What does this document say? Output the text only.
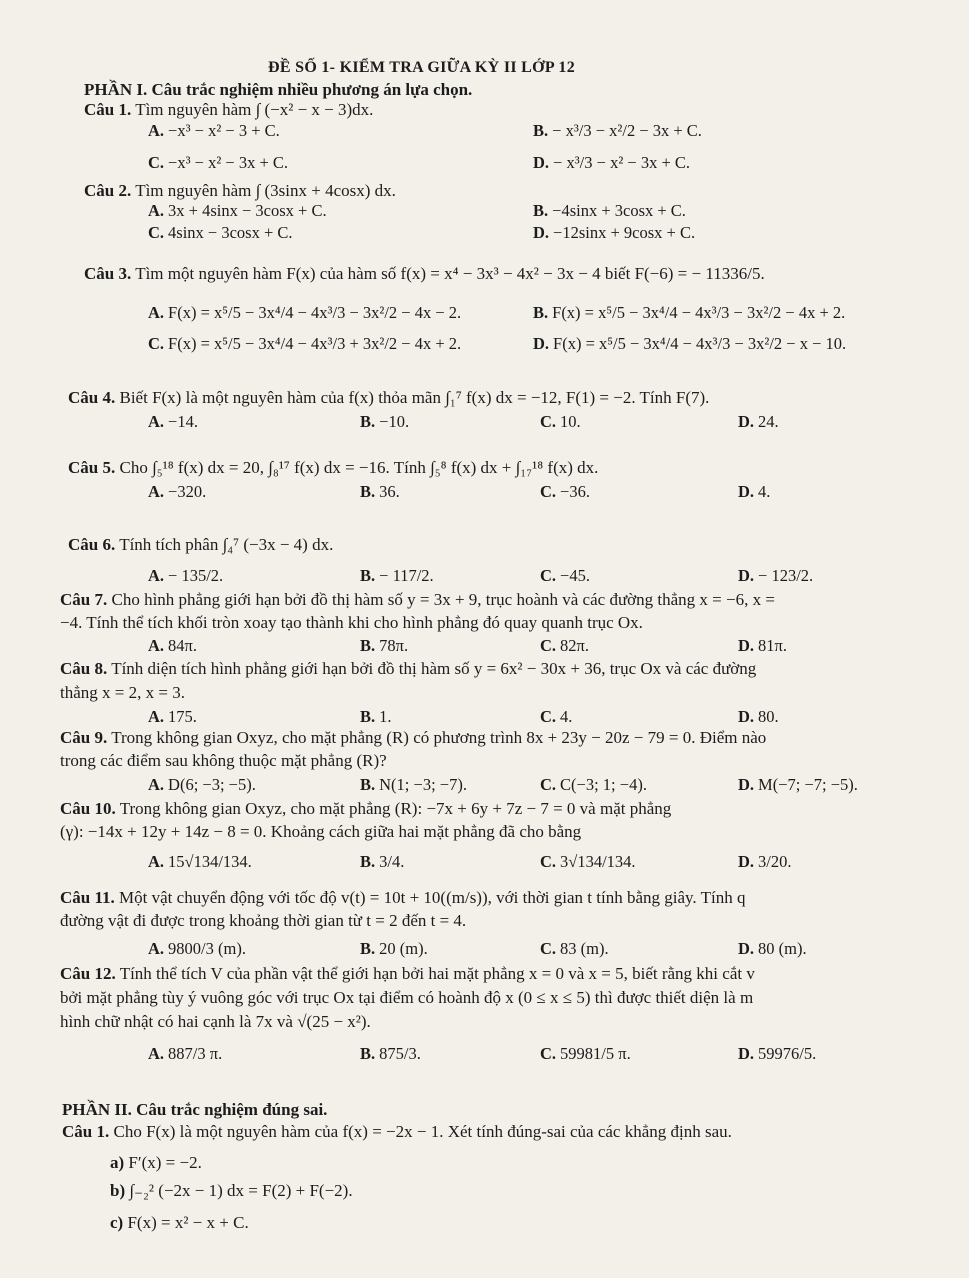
ĐỀ SỐ 1- KIỂM TRA GIỮA KỲ II LỚP 12
PHẦN I. Câu trắc nghiệm nhiều phương án lựa chọn.
Câu 1. Tìm nguyên hàm ∫ (−x² − x − 3)dx.
A. −x³ − x² − 3 + C.	B. − x³/3 − x²/2 − 3x + C.
C. −x³ − x² − 3x + C.	D. − x³/3 − x² − 3x + C.
Câu 2. Tìm nguyên hàm ∫ (3sinx + 4cosx) dx.
A. 3x + 4sinx − 3cosx + C.	B. −4sinx + 3cosx + C.
C. 4sinx − 3cosx + C.	D. −12sinx + 9cosx + C.
Câu 3. Tìm một nguyên hàm F(x) của hàm số f(x) = x⁴ − 3x³ − 4x² − 3x − 4 biết F(−6) = − 11336/5.
A. F(x) = x⁵/5 − 3x⁴/4 − 4x³/3 − 3x²/2 − 4x − 2.	B. F(x) = x⁵/5 − 3x⁴/4 − 4x³/3 − 3x²/2 − 4x + 2.
C. F(x) = x⁵/5 − 3x⁴/4 − 4x³/3 + 3x²/2 − 4x + 2.	D. F(x) = x⁵/5 − 3x⁴/4 − 4x³/3 − 3x²/2 − x − 10.
Câu 4. Biết F(x) là một nguyên hàm của f(x) thỏa mãn ∫₁⁷ f(x) dx = −12, F(1) = −2. Tính F(7).
A. −14.	B. −10.	C. 10.	D. 24.
Câu 5. Cho ∫₅¹⁸ f(x) dx = 20, ∫₈¹⁷ f(x) dx = −16. Tính ∫₅⁸ f(x) dx + ∫₁₇¹⁸ f(x) dx.
A. −320.	B. 36.	C. −36.	D. 4.
Câu 6. Tính tích phân ∫₄⁷ (−3x − 4) dx.
A. − 135/2.	B. − 117/2.	C. −45.	D. − 123/2.
Câu 7. Cho hình phẳng giới hạn bởi đồ thị hàm số y = 3x + 9, trục hoành và các đường thẳng x = −6, x =
−4. Tính thể tích khối tròn xoay tạo thành khi cho hình phẳng đó quay quanh trục Ox.
A. 84π.	B. 78π.	C. 82π.	D. 81π.
Câu 8. Tính diện tích hình phẳng giới hạn bởi đồ thị hàm số y = 6x² − 30x + 36, trục Ox và các đường
thẳng x = 2, x = 3.
A. 175.	B. 1.	C. 4.	D. 80.
Câu 9. Trong không gian Oxyz, cho mặt phẳng (R) có phương trình 8x + 23y − 20z − 79 = 0. Điểm nào
trong các điểm sau không thuộc mặt phẳng (R)?
A. D(6; −3; −5).	B. N(1; −3; −7).	C. C(−3; 1; −4).	D. M(−7; −7; −5).
Câu 10. Trong không gian Oxyz, cho mặt phẳng (R): −7x + 6y + 7z − 7 = 0 và mặt phẳng
(γ): −14x + 12y + 14z − 8 = 0. Khoảng cách giữa hai mặt phẳng đã cho bằng
A. 15√134/134.	B. 3/4.	C. 3√134/134.	D. 3/20.
Câu 11. Một vật chuyển động với tốc độ v(t) = 10t + 10((m/s)), với thời gian t tính bằng giây. Tính q
đường vật đi được trong khoảng thời gian từ t = 2 đến t = 4.
A. 9800/3 (m).	B. 20 (m).	C. 83 (m).	D. 80 (m).
Câu 12. Tính thể tích V của phần vật thể giới hạn bởi hai mặt phẳng x = 0 và x = 5, biết rằng khi cắt v
bởi mặt phẳng tùy ý vuông góc với trục Ox tại điểm có hoành độ x (0 ≤ x ≤ 5) thì được thiết diện là m
hình chữ nhật có hai cạnh là 7x và √(25 − x²).
A. 887/3 π.	B. 875/3.	C. 59981/5 π.	D. 59976/5.
PHẦN II. Câu trắc nghiệm đúng sai.
Câu 1. Cho F(x) là một nguyên hàm của f(x) = −2x − 1. Xét tính đúng-sai của các khẳng định sau.
a) F′(x) = −2.
b) ∫₋₂² (−2x − 1) dx = F(2) + F(−2).
c) F(x) = x² − x + C.
